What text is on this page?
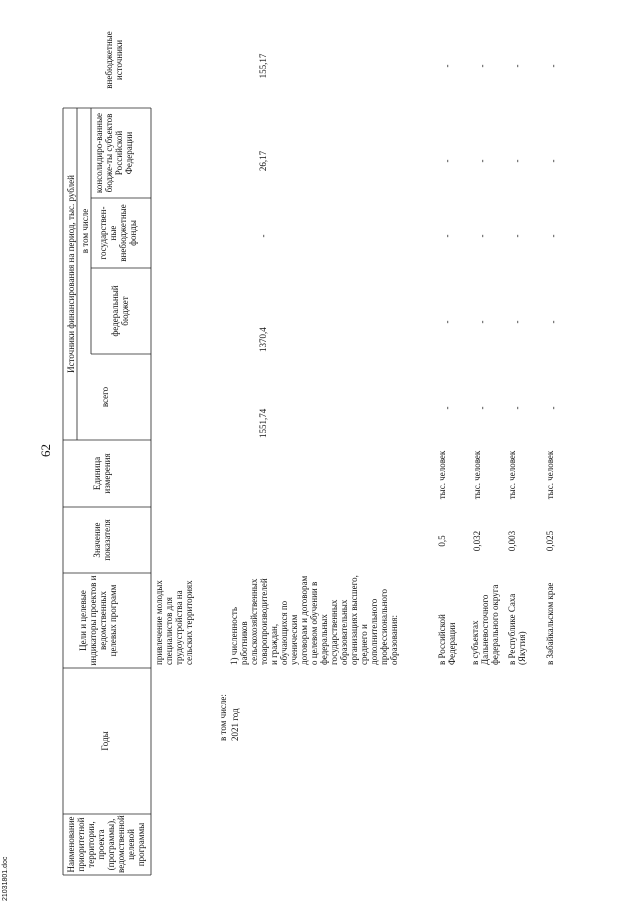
Наименование приоритетной территории, проекта (программы), ведомственной целевой программы
Годы
Цели и целевые индикаторы проектов и ведомственных целевых программ
Значение показателя
Единица измерения
всего
Источники финансирования на период, тыс. рублей в том числе
федеральный бюджет
государствен-ные внебюджетные фонды
консолидиро-ванные бюдже-ты субъектов Российской Федерации
внебюджетные источники
привлечение молодых специалистов для трудоустройства на сельских территориях
в том числе: 2021 год
1) численность работников сельскохозяйственных товаропроизводителей и граждан, обучающихся по ученическим договорам и договорам о целевом обучении в федеральных государственных образовательных организациях высшего, среднего и дополнительного профессионального образования:
1551,74
1370,4
-
26,17
155,17
в Российской Федерации
0,5
тыс. человек
-
-
-
-
-
в субъектах Дальневосточного федерального округа
0,032
тыс. человек
-
-
-
-
-
в Республике Саха (Якутия)
0,003
тыс. человек
-
-
-
-
-
в Забайкальском крае
0,025
тыс. человек
-
-
-
-
-
62
21031801.doc
